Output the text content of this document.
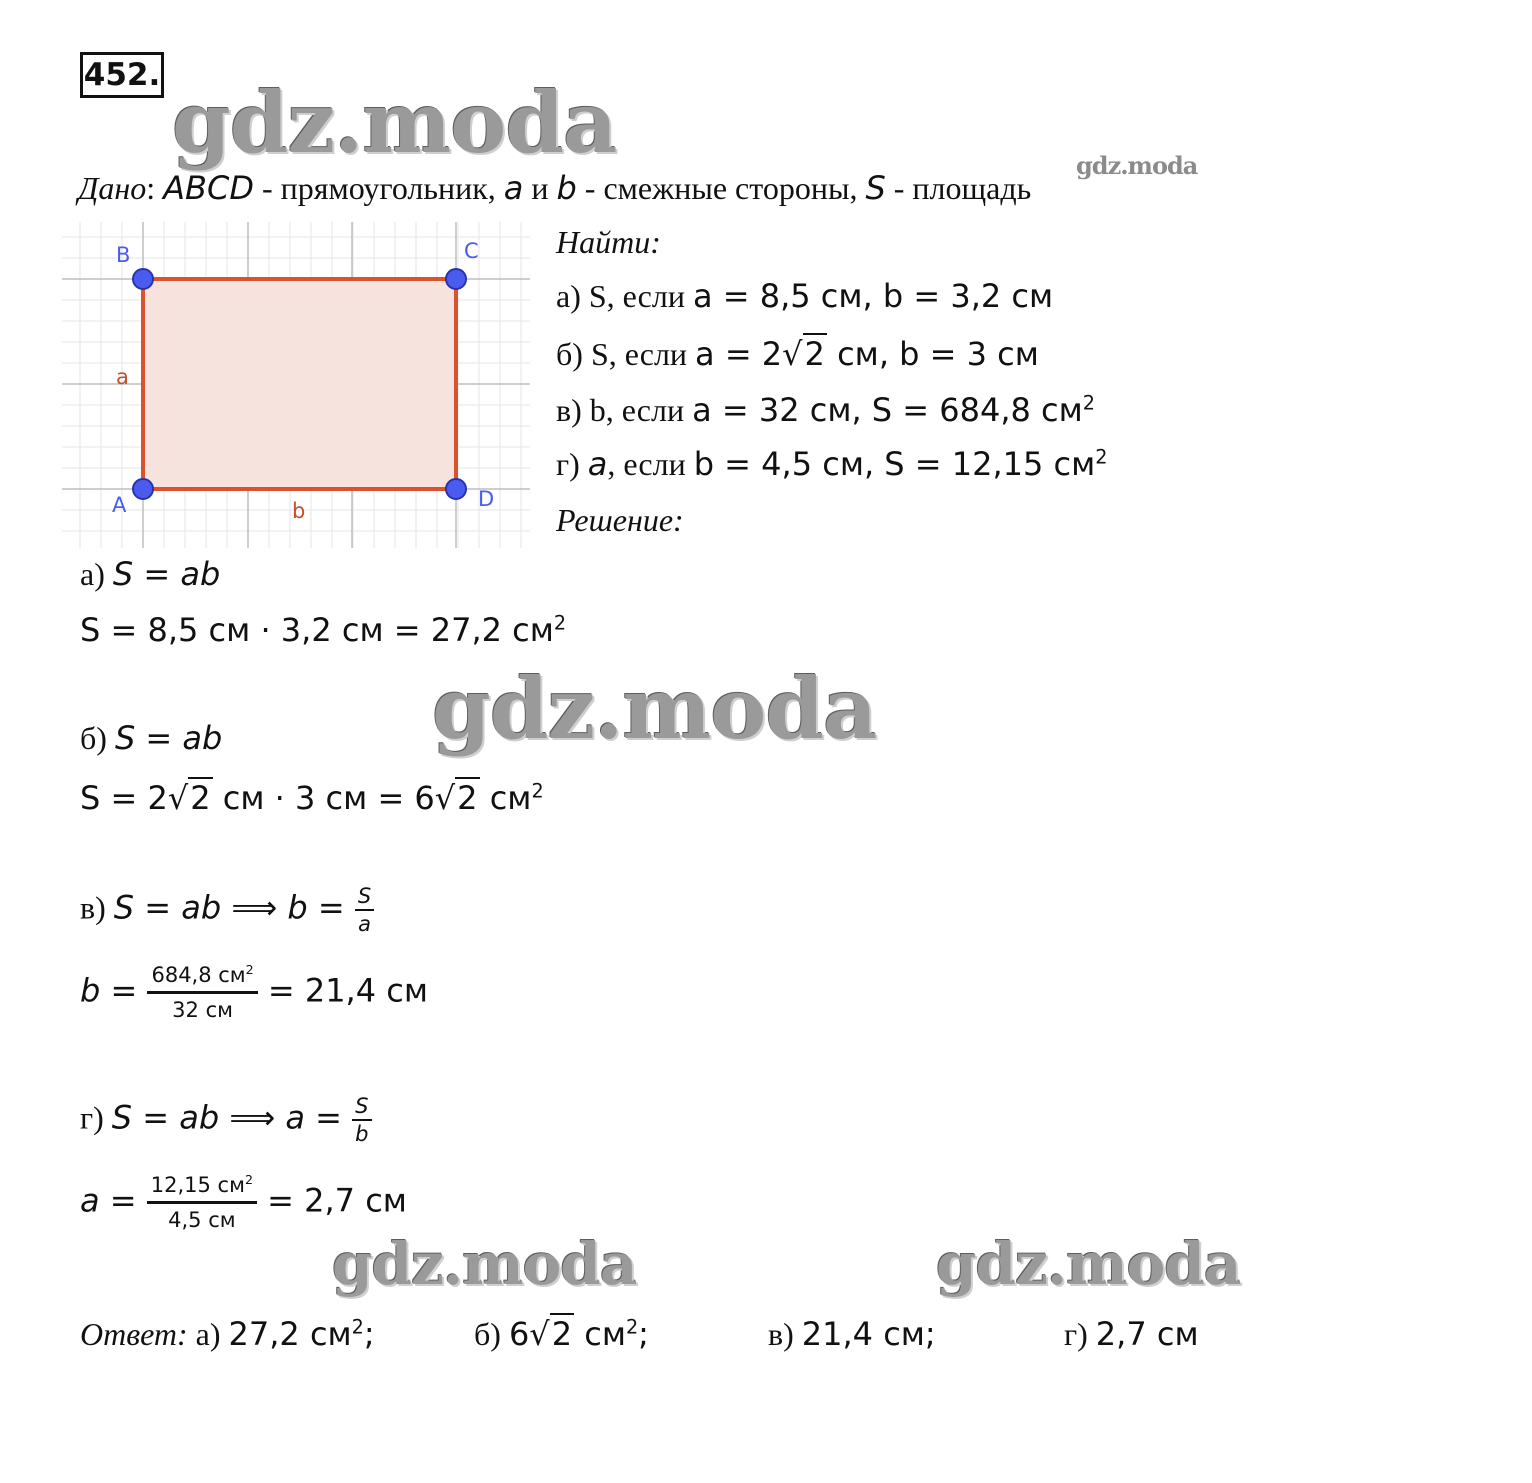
452. gdz.moda	gdz.moda
gdz.moda
gdz.moda	gdz.moda
Дано: ABCD - прямоугольник, a и b - смежные стороны, S - площадь
B	C
A	D
a
b
Найти:
а) S, если a = 8,5 см, b = 3,2 см
б) S, если a = 2√2 см, b = 3 см
в) b, если a = 32 см, S = 684,8 $см^2$
г) a, если b = 4,5 см, S = 12,15 $см^2$
Решение:
а) S = ab
S = 8,5 см · 3,2 см = 27,2 $см^2$
б) S = ab
S = 2√2 см · 3 см = 6√2 $см^2$
в) S = ab ⟹ $b = \frac{S}{a}$
$b = \frac{684,8 см^2}{32 см} = 21,4$ см
г) S = ab ⟹ $a = \frac{S}{b}$
$a = \frac{12,15 см^2}{4,5 см} = 2,7$ см
Ответ: а) 27,2 $см^2$;	б) 6√2 $см^2$;	в) 21,4 см;	г) 2,7 см
